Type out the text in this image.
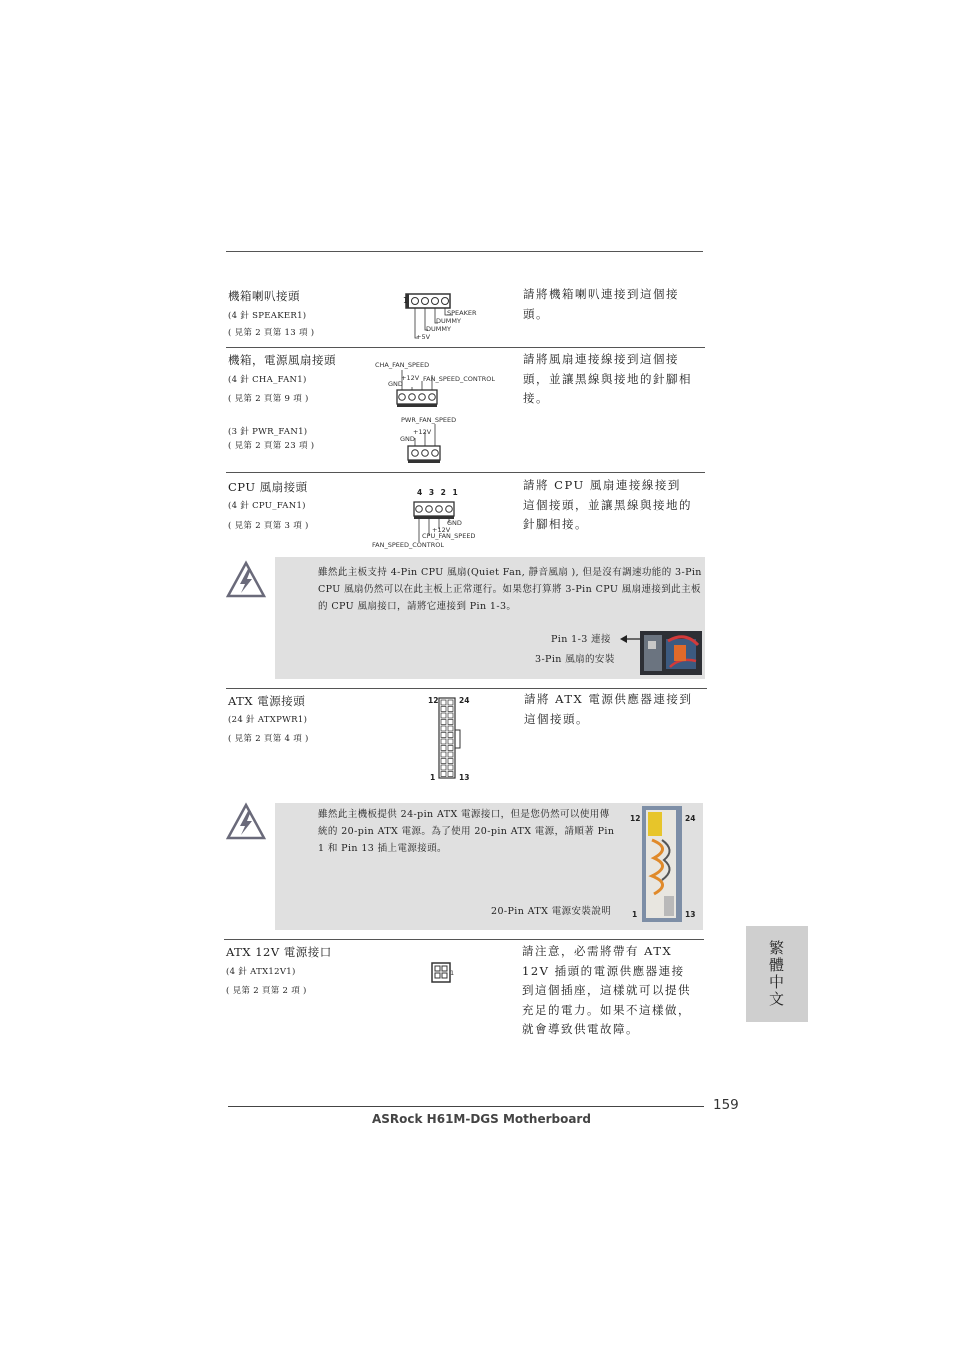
機箱喇叭接頭
(4 針 SPEAKER1)
( 見第 2 頁第 13 項 )
請將機箱喇叭連接到這個接頭。
1
SPEAKER
DUMMY
DUMMY
+5V
機箱，電源風扇接頭
(4 針 CHA_FAN1)
( 見第 2 頁第 9 項 )
(3 針 PWR_FAN1)
( 見第 2 頁第 23 項 )
請將風扇連接線接到這個接頭，並讓黑線與接地的針腳相接。
CHA_FAN_SPEED
+12V
GND
FAN_SPEED_CONTROL
PWR_FAN_SPEED
+12V
GND
CPU 風扇接頭
(4 針 CPU_FAN1)
( 見第 2 頁第 3 項 )
請將 CPU 風扇連接線接到這個接頭，並讓黑線與接地的針腳相接。
4 3 2 1
GND
+12V
CPU_FAN_SPEED
FAN_SPEED_CONTROL
雖然此主板支持 4-Pin CPU 風扇(Quiet Fan, 靜音風扇 ), 但是沒有調速功能的 3-Pin CPU 風扇仍然可以在此主板上正常運行。如果您打算將 3-Pin CPU 風扇連接到此主板的 CPU 風扇接口，請將它連接到 Pin 1-3。
Pin 1-3 連接
3-Pin 風扇的安裝
ATX 電源接頭
(24 針 ATXPWR1)
( 見第 2 頁第 4 項 )
請將 ATX 電源供應器連接到這個接頭。
12	24
1	13
雖然此主機板提供 24-pin ATX 電源接口，但是您仍然可以使用傳統的 20-pin ATX 電源。為了使用 20-pin ATX 電源，請順著 Pin 1 和 Pin 13 插上電源接頭。
20-Pin ATX 電源安裝說明
12	24
1	13
ATX 12V 電源接口
(4 針 ATX12V1)
( 見第 2 頁第 2 項 )
請注意，必需將帶有 ATX 12V 插頭的電源供應器連接到這個插座，這樣就可以提供充足的電力。如果不這樣做，就會導致供電故障。
1	繁體中文
159
ASRock H61M-DGS Motherboard
